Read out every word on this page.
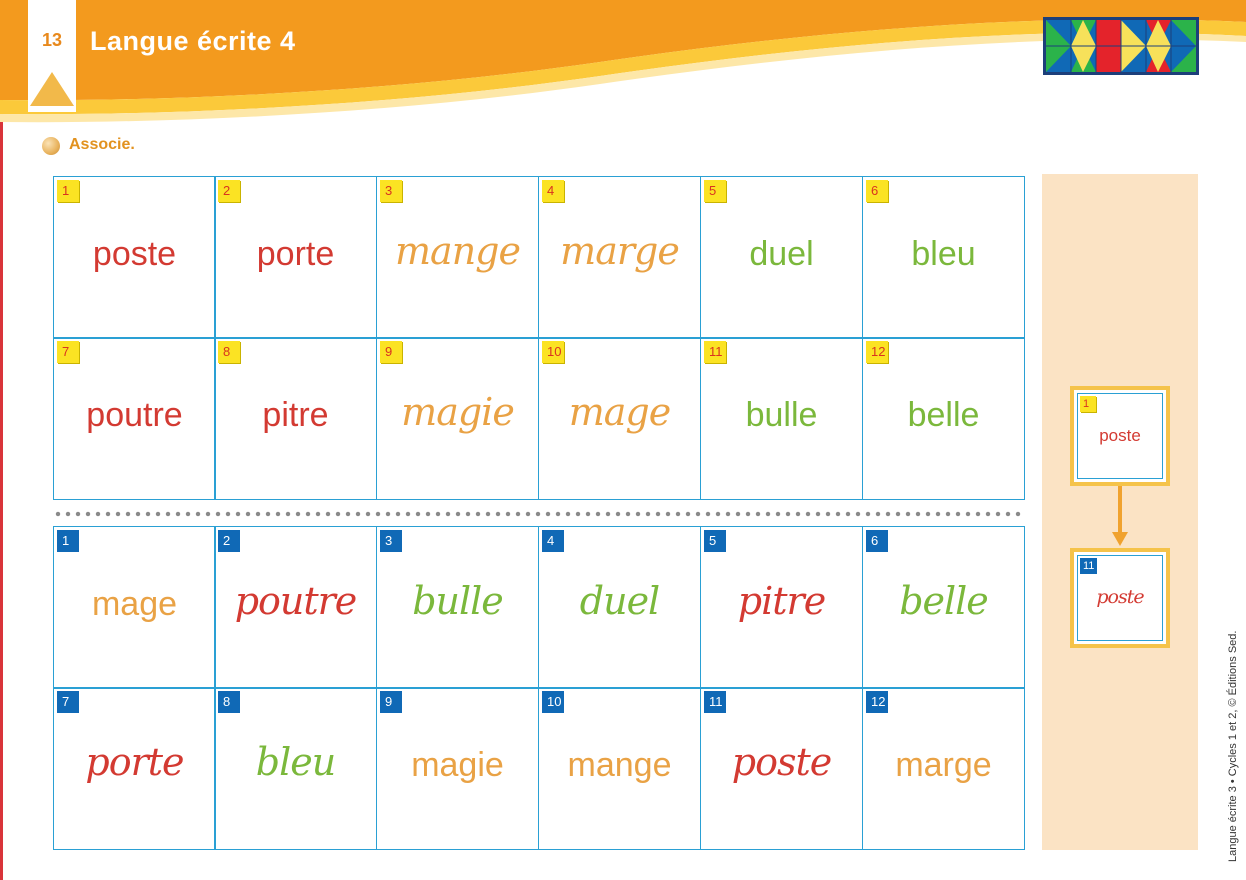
13	Langue écrite 4
Associe.
1
poste
2
porte
3
mange
4
marge
5
duel
6
bleu
7
poutre
8
pitre
9
magie
10
mage
11
bulle
12
belle
1
mage
2
poutre
3
bulle
4
duel
5
pitre
6
belle
7
porte
8
bleu
9
magie
10
mange
11
poste
12
marge
1
poste
11
poste
Langue écrite 3 • Cycles 1 et 2, © Éditions Sed.
